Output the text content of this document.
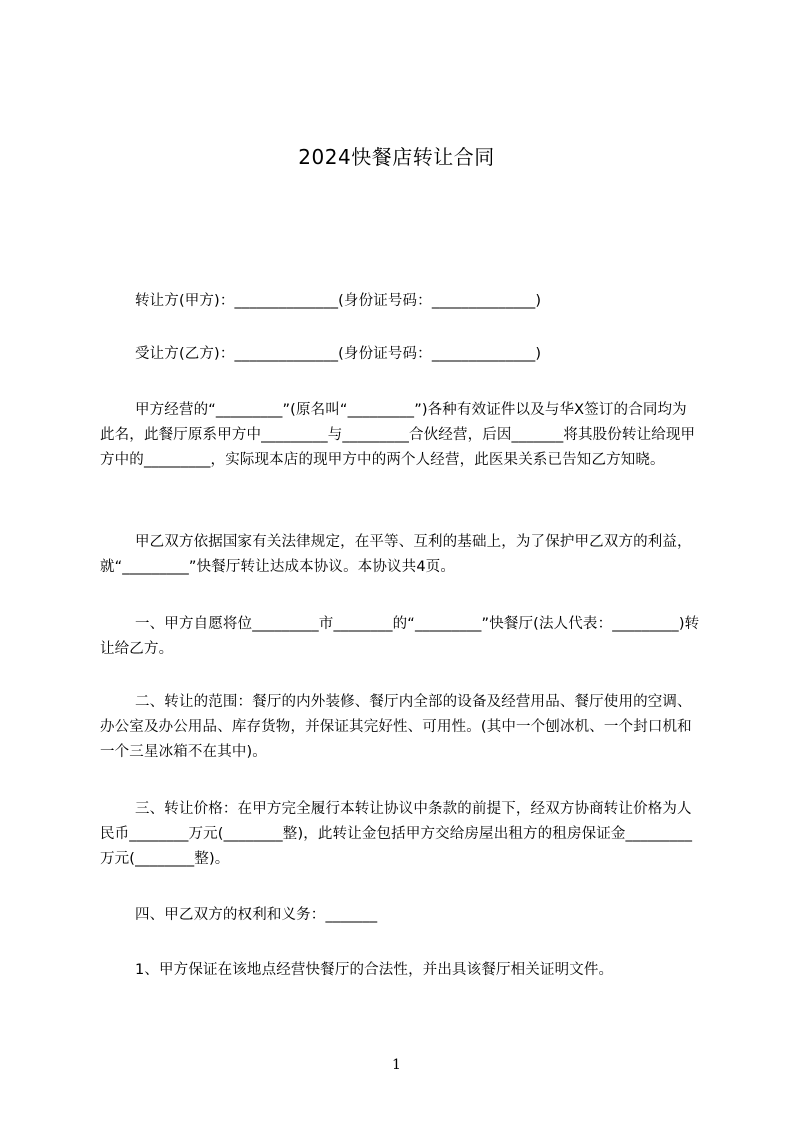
2024快餐店转让合同
转让方(甲方)：______________(身份证号码：______________)
受让方(乙方)：______________(身份证号码：______________)
甲方经营的“_________”(原名叫“_________”)各种有效证件以及与华X签订的合同均为此名，此餐厅原系甲方中_________与_________合伙经营，后因_______将其股份转让给现甲方中的_________，实际现本店的现甲方中的两个人经营，此医果关系已告知乙方知晓。
甲乙双方依据国家有关法律规定，在平等、互利的基础上，为了保护甲乙双方的利益，就“_________”快餐厅转让达成本协议。本协议共4页。
一、甲方自愿将位_________市________的“_________”快餐厅(法人代表：_________)转让给乙方。
二、转让的范围：餐厅的内外装修、餐厅内全部的设备及经营用品、餐厅使用的空调、办公室及办公用品、库存货物，并保证其完好性、可用性。(其中一个刨冰机、一个封口机和一个三星冰箱不在其中)。
三、转让价格：在甲方完全履行本转让协议中条款的前提下，经双方协商转让价格为人民币________万元(________整)，此转让金包括甲方交给房屋出租方的租房保证金_________万元(________整)。
四、甲乙双方的权利和义务：_______
1、甲方保证在该地点经营快餐厅的合法性，并出具该餐厅相关证明文件。
1
